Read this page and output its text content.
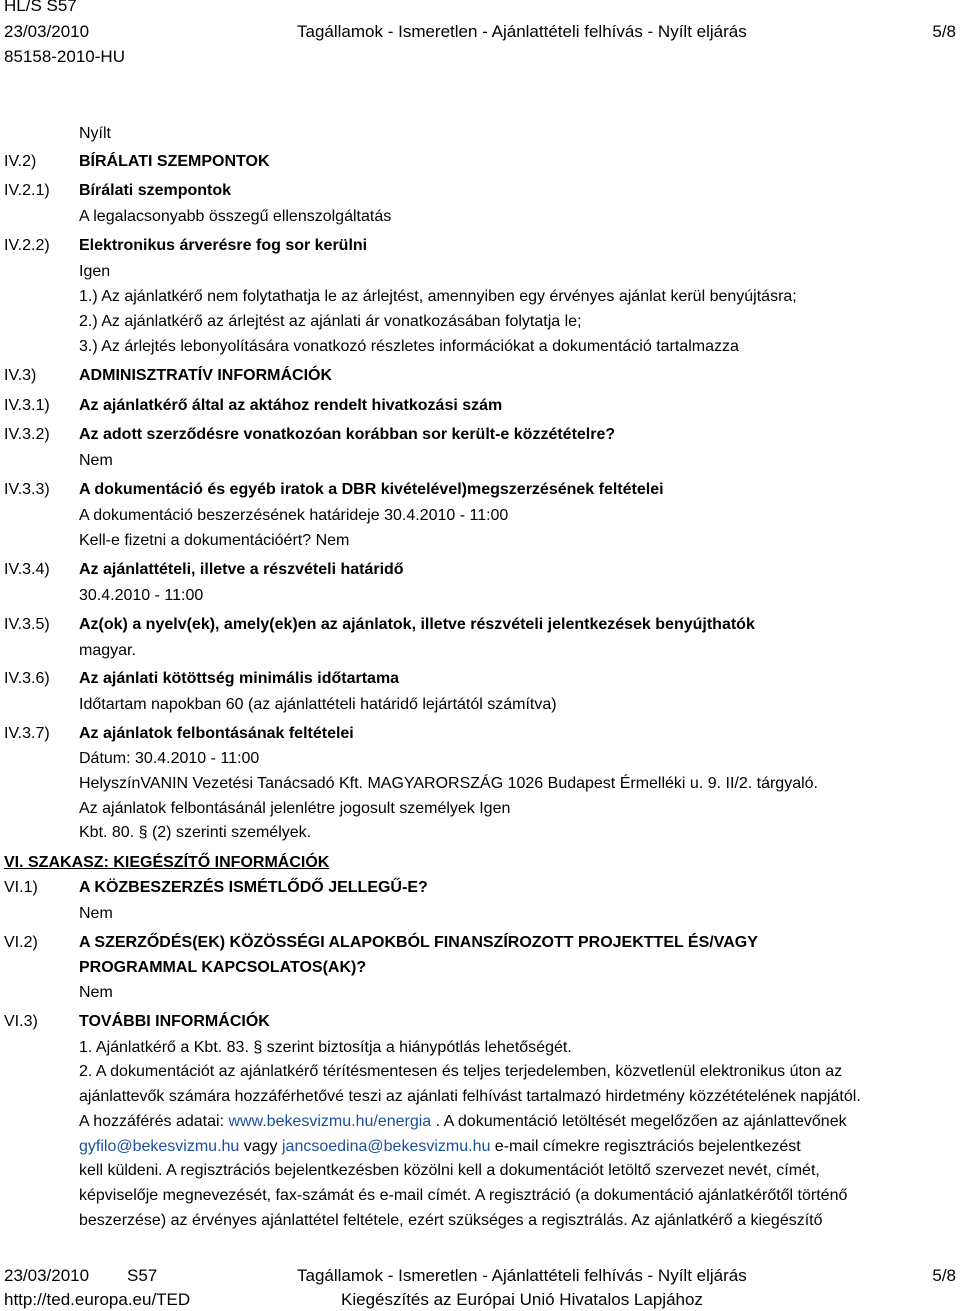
HL/S S57
23/03/2010	Tagállamok - Ismeretlen - Ajánlattételi felhívás - Nyílt eljárás	5/8
85158-2010-HU
Nyílt
IV.2)	BÍRÁLATI SZEMPONTOK
IV.2.1) Bírálati szempontok
A legalacsonyabb összegű ellenszolgáltatás
IV.2.2) Elektronikus árverésre fog sor kerülni
Igen
1.) Az ajánlatkérő nem folytathatja le az árlejtést, amennyiben egy érvényes ajánlat kerül benyújtásra;
2.) Az ajánlatkérő az árlejtést az ajánlati ár vonatkozásában folytatja le;
3.) Az árlejtés lebonyolítására vonatkozó részletes információkat a dokumentáció tartalmazza
IV.3)	ADMINISZTRATÍV INFORMÁCIÓK
IV.3.1) Az ajánlatkérő által az aktához rendelt hivatkozási szám
IV.3.2) Az adott szerződésre vonatkozóan korábban sor került-e közzétételre?
Nem
IV.3.3) A dokumentáció és egyéb iratok a DBR kivételével)megszerzésének feltételei
A dokumentáció beszerzésének határideje 30.4.2010 - 11:00
Kell-e fizetni a dokumentációért? Nem
IV.3.4) Az ajánlattételi, illetve a részvételi határidő
30.4.2010 - 11:00
IV.3.5) Az(ok) a nyelv(ek), amely(ek)en az ajánlatok, illetve részvételi jelentkezések benyújthatók
magyar.
IV.3.6) Az ajánlati kötöttség minimális időtartama
Időtartam napokban 60 (az ajánlattételi határidő lejártától számítva)
IV.3.7) Az ajánlatok felbontásának feltételei
Dátum: 30.4.2010 - 11:00
HelyszínVANIN Vezetési Tanácsadó Kft. MAGYARORSZÁG 1026 Budapest Érmelléki u. 9. II/2. tárgyaló.
Az ajánlatok felbontásánál jelenlétre jogosult személyek Igen
Kbt. 80. § (2) szerinti személyek.
VI. SZAKASZ: KIEGÉSZÍTŐ INFORMÁCIÓK
VI.1)	A KÖZBESZERZÉS ISMÉTLŐDŐ JELLEGŰ-E?
Nem
VI.2)	A SZERZŐDÉS(EK) KÖZÖSSÉGI ALAPOKBÓL FINANSZÍROZOTT PROJEKTTEL ÉS/VAGY
PROGRAMMAL KAPCSOLATOS(AK)?
Nem
VI.3)	TOVÁBBI INFORMÁCIÓK
1. Ajánlatkérő a Kbt. 83. § szerint biztosítja a hiánypótlás lehetőségét.
2. A dokumentációt az ajánlatkérő térítésmentesen és teljes terjedelemben, közvetlenül elektronikus úton az
ajánlattevők számára hozzáférhetővé teszi az ajánlati felhívást tartalmazó hirdetmény közzétételének napjától.
A hozzáférés adatai: www.bekesvizmu.hu/energia . A dokumentáció letöltését megelőzően az ajánlattevőnek
gyfilo@bekesvizmu.hu vagy jancsoedina@bekesvizmu.hu e-mail címekre regisztrációs bejelentkezést
kell küldeni. A regisztrációs bejelentkezésben közölni kell a dokumentációt letöltő szervezet nevét, címét,
képviselője megnevezését, fax-számát és e-mail címét. A regisztráció (a dokumentáció ajánlatkérőtől történő
beszerzése) az érvényes ajánlattétel feltétele, ezért szükséges a regisztrálás. Az ajánlatkérő a kiegészítő
23/03/2010 S57	Tagállamok - Ismeretlen - Ajánlattételi felhívás - Nyílt eljárás	5/8
http://ted.europa.eu/TED	Kiegészítés az Európai Unió Hivatalos Lapjához
